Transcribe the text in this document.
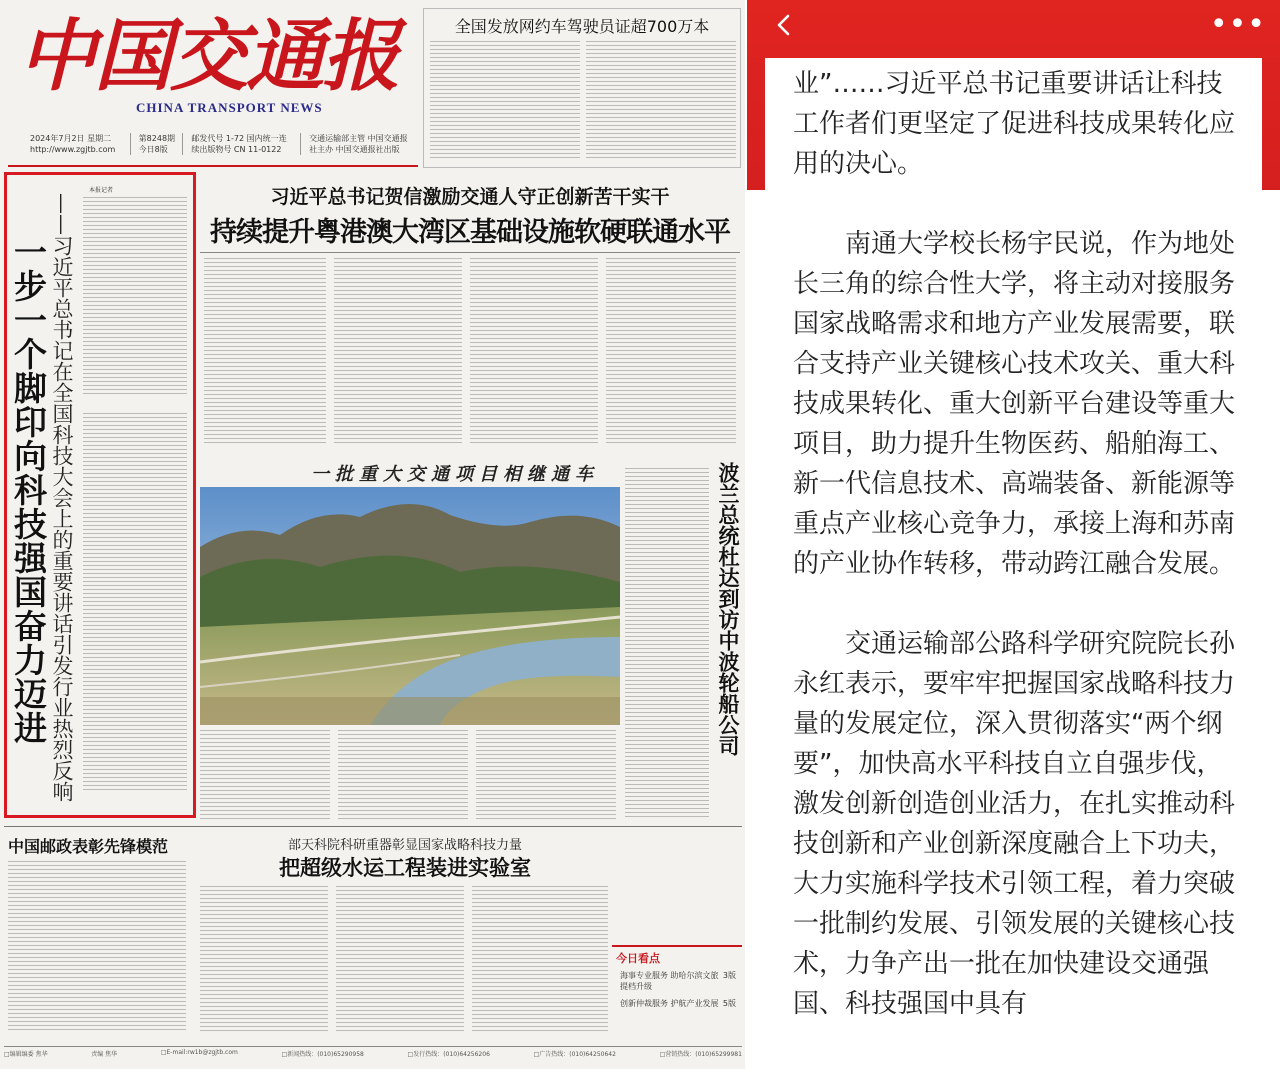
中国交通报
CHINA TRANSPORT NEWS
2024年7月2日 星期二 http://www.zgjtb.com
第8248期 今日8版
邮发代号 1-72 国内统一连续出版物号 CN 11-0122
交通运输部主管 中国交通报社主办 中国交通报社出版
全国发放网约车驾驶员证超700万本
一步一个脚印向科技强国奋力迈进 ——习近平总书记在全国科技大会上的重要讲话引发行业热烈反响
本报记者	习近平总书记贺信激励交通人守正创新苦干实干
持续提升粤港澳大湾区基础设施软硬联通水平
一批重大交通项目相继通车	波兰总统杜达到访中波轮船公司
中国邮政表彰先锋模范	部天科院科研重器彰显国家战略科技力量
把超级水运工程装进实验室
今日看点
3版
海事专业服务 助哈尔滨文旅提档升级
5版
创新仲裁服务 护航产业发展
□编辑编委 焦华	责编 焦华	□E-mail:rw1b@zgjtb.com	□新闻热线：(010)65290958	□发行热线：(010)64256206	□广告热线：(010)64250642	□营销热线：(010)65299981
•••

业”……习近平总书记重要讲话让科技工作者们更坚定了促进科技成果转化应用的决心。

南通大学校长杨宇民说，作为地处长三角的综合性大学，将主动对接服务国家战略需求和地方产业发展需要，联合支持产业关键核心技术攻关、重大科技成果转化、重大创新平台建设等重大项目，助力提升生物医药、船舶海工、新一代信息技术、高端装备、新能源等重点产业核心竞争力，承接上海和苏南的产业协作转移，带动跨江融合发展。

交通运输部公路科学研究院院长孙永红表示，要牢牢把握国家战略科技力量的发展定位，深入贯彻落实“两个纲要”，加快高水平科技自立自强步伐，激发创新创造创业活力，在扎实推动科技创新和产业创新深度融合上下功夫，大力实施科学技术引领工程，着力突破一批制约发展、引领发展的关键核心技术，力争产出一批在加快建设交通强国、科技强国中具有
